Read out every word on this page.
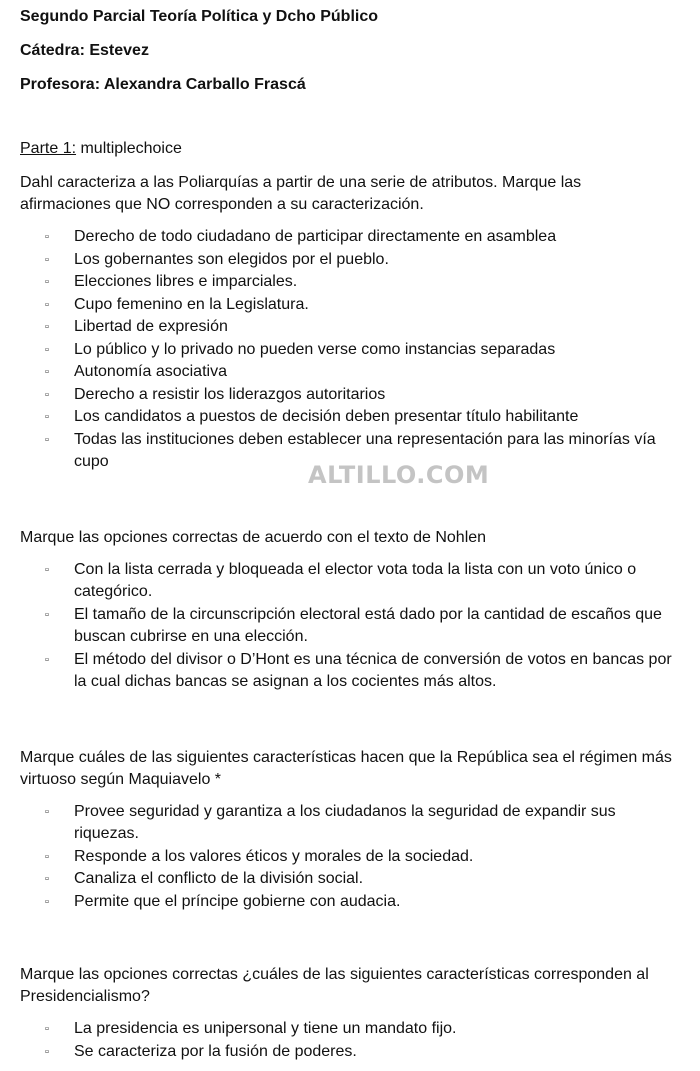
Segundo Parcial Teoría Política y Dcho Público
Cátedra: Estevez
Profesora: Alexandra Carballo Frascá
Parte 1: multiplechoice
Dahl caracteriza a las Poliarquías a partir de una serie de atributos. Marque las afirmaciones que NO corresponden a su caracterización.
▫ Derecho de todo ciudadano de participar directamente en asamblea
▫ Los gobernantes son elegidos por el pueblo.
▫ Elecciones libres e imparciales.
▫ Cupo femenino en la Legislatura.
▫ Libertad de expresión
▫ Lo público y lo privado no pueden verse como instancias separadas
▫ Autonomía asociativa
▫ Derecho a resistir los liderazgos autoritarios
▫ Los candidatos a puestos de decisión deben presentar título habilitante
▫ Todas las instituciones deben establecer una representación para las minorías vía cupo
Marque las opciones correctas de acuerdo con el texto de Nohlen
▫ Con la lista cerrada y bloqueada el elector vota toda la lista con un voto único o categórico.
▫ El tamaño de la circunscripción electoral está dado por la cantidad de escaños que buscan cubrirse en una elección.
▫ El método del divisor o D’Hont es una técnica de conversión de votos en bancas por la cual dichas bancas se asignan a los cocientes más altos.
Marque cuáles de las siguientes características hacen que la República sea el régimen más virtuoso según Maquiavelo *
▫ Provee seguridad y garantiza a los ciudadanos la seguridad de expandir sus riquezas.
▫ Responde a los valores éticos y morales de la sociedad.
▫ Canaliza el conflicto de la división social.
▫ Permite que el príncipe gobierne con audacia.
Marque las opciones correctas ¿cuáles de las siguientes características corresponden al Presidencialismo?
▫ La presidencia es unipersonal y tiene un mandato fijo.
▫ Se caracteriza por la fusión de poderes.
ALTILLO.COM
